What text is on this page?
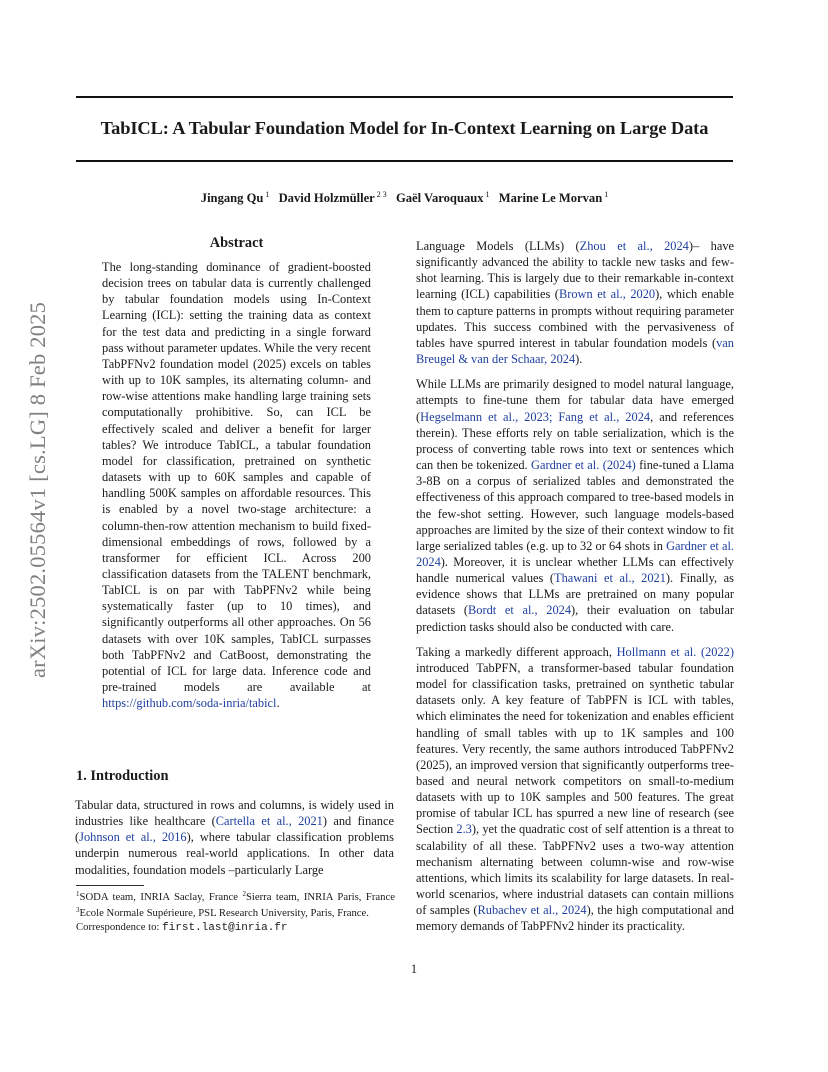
TabICL: A Tabular Foundation Model for In-Context Learning on Large Data
Jingang Qu $^1$ David Holzmüller $^{2 3}$ Gaël Varoquaux $^1$ Marine Le Morvan $^1$
arXiv:2502.05564v1 [cs.LG] 8 Feb 2025
Abstract

The long-standing dominance of gradient-boosted decision trees on tabular data is currently challenged by tabular foundation models using In-Context Learning (ICL): setting the training data as context for the test data and predicting in a single forward pass without parameter updates. While the very recent TabPFNv2 foundation model (2025) excels on tables with up to 10K samples, its alternating column- and row-wise attentions make handling large training sets computationally prohibitive. So, can ICL be effectively scaled and deliver a benefit for larger tables? We introduce TabICL, a tabular foundation model for classification, pretrained on synthetic datasets with up to 60K samples and capable of handling 500K samples on affordable resources. This is enabled by a novel two-stage architecture: a column-then-row attention mechanism to build fixed-dimensional embeddings of rows, followed by a transformer for efficient ICL. Across 200 classification datasets from the TALENT benchmark, TabICL is on par with TabPFNv2 while being systematically faster (up to 10 times), and significantly outperforms all other approaches. On 56 datasets with over 10K samples, TabICL surpasses both TabPFNv2 and CatBoost, demonstrating the potential of ICL for large data. Inference code and pre-trained models are available at https://github.com/soda-inria/tabicl.

1. Introduction

Tabular data, structured in rows and columns, is widely used in industries like healthcare (Cartella et al., 2021) and finance (Johnson et al., 2016), where tabular classification problems underpin numerous real-world applications. In other data modalities, foundation models –particularly Large

$^1$SODA team, INRIA Saclay, France $^2$Sierra team, INRIA Paris, France $^3$Ecole Normale Supérieure, PSL Research University, Paris, France.
Correspondence to: first.last@inria.fr

Language Models (LLMs) (Zhou et al., 2024)– have significantly advanced the ability to tackle new tasks and few-shot learning. This is largely due to their remarkable in-context learning (ICL) capabilities (Brown et al., 2020), which enable them to capture patterns in prompts without requiring parameter updates. This success combined with the pervasiveness of tables have spurred interest in tabular foundation models (van Breugel & van der Schaar, 2024).

While LLMs are primarily designed to model natural language, attempts to fine-tune them for tabular data have emerged (Hegselmann et al., 2023; Fang et al., 2024, and references therein). These efforts rely on table serialization, which is the process of converting table rows into text or sentences which can then be tokenized. Gardner et al. (2024) fine-tuned a Llama 3-8B on a corpus of serialized tables and demonstrated the effectiveness of this approach compared to tree-based models in the few-shot setting. However, such language models-based approaches are limited by the size of their context window to fit large serialized tables (e.g. up to 32 or 64 shots in Gardner et al. 2024). Moreover, it is unclear whether LLMs can effectively handle numerical values (Thawani et al., 2021). Finally, as evidence shows that LLMs are pretrained on many popular datasets (Bordt et al., 2024), their evaluation on tabular prediction tasks should also be conducted with care.

Taking a markedly different approach, Hollmann et al. (2022) introduced TabPFN, a transformer-based tabular foundation model for classification tasks, pretrained on synthetic tabular datasets only. A key feature of TabPFN is ICL with tables, which eliminates the need for tokenization and enables efficient handling of small tables with up to 1K samples and 100 features. Very recently, the same authors introduced TabPFNv2 (2025), an improved version that significantly outperforms tree-based and neural network competitors on small-to-medium datasets with up to 10K samples and 500 features. The great promise of tabular ICL has spurred a new line of research (see Section 2.3), yet the quadratic cost of self attention is a threat to scalability of all these. TabPFNv2 uses a two-way attention mechanism alternating between column-wise and row-wise attentions, which limits its scalability for large datasets. In real-world scenarios, where industrial datasets can contain millions of samples (Rubachev et al., 2024), the high computational and memory demands of TabPFNv2 hinder its practicality.

1
